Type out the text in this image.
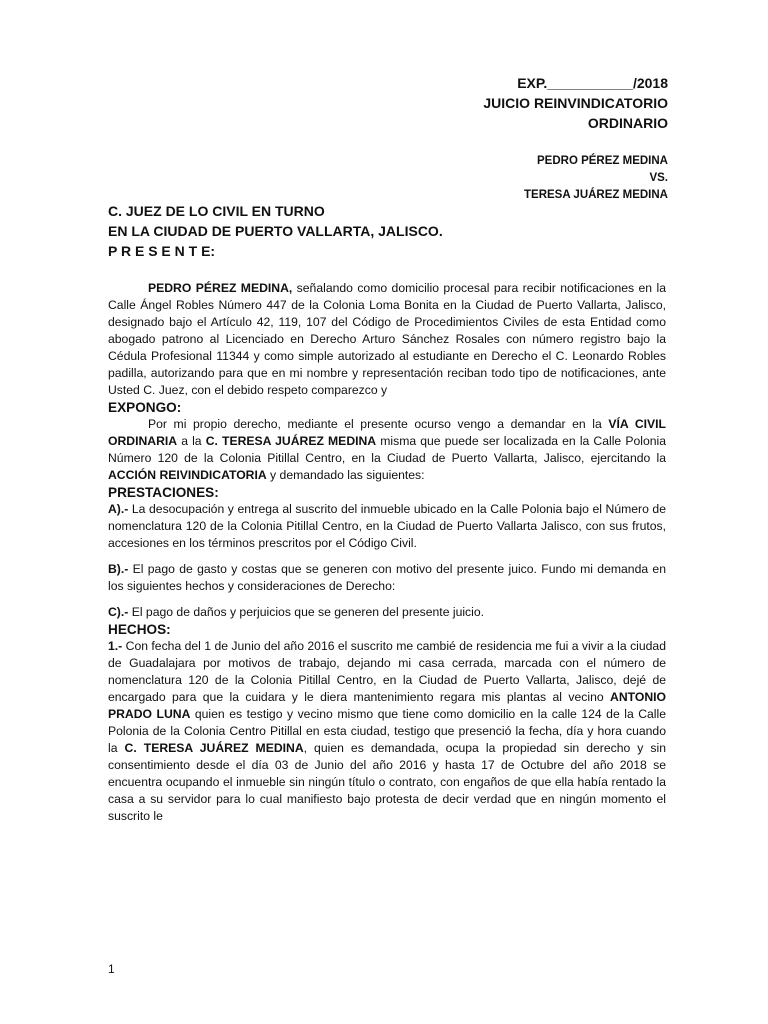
EXP.___________/2018
JUICIO REINVINDICATORIO
ORDINARIO
PEDRO PÉREZ MEDINA
VS.
TERESA JUÁREZ MEDINA
C. JUEZ DE LO CIVIL EN TURNO
EN LA CIUDAD DE PUERTO VALLARTA, JALISCO.
P R E S E N T E:

PEDRO PÉREZ MEDINA, señalando como domicilio procesal para recibir notificaciones en la Calle Ángel Robles Número 447 de la Colonia Loma Bonita en la Ciudad de Puerto Vallarta, Jalisco, designado bajo el Artículo 42, 119, 107 del Código de Procedimientos Civiles de esta Entidad como abogado patrono al Licenciado en Derecho Arturo Sánchez Rosales con número registro bajo la Cédula Profesional 11344 y como simple autorizado al estudiante en Derecho el C. Leonardo Robles padilla, autorizando para que en mi nombre y representación reciban todo tipo de notificaciones, ante Usted C. Juez, con el debido respeto comparezco y

EXPONGO:

Por mi propio derecho, mediante el presente ocurso vengo a demandar en la VÍA CIVIL ORDINARIA a la C. TERESA JUÁREZ MEDINA misma que puede ser localizada en la Calle Polonia Número 120 de la Colonia Pitillal Centro, en la Ciudad de Puerto Vallarta, Jalisco, ejercitando la ACCIÓN REIVINDICATORIA y demandado las siguientes:

PRESTACIONES:

A).- La desocupación y entrega al suscrito del inmueble ubicado en la Calle Polonia bajo el Número de nomenclatura 120 de la Colonia Pitillal Centro, en la Ciudad de Puerto Vallarta Jalisco, con sus frutos, accesiones en los términos prescritos por el Código Civil.

B).- El pago de gasto y costas que se generen con motivo del presente juico. Fundo mi demanda en los siguientes hechos y consideraciones de Derecho:

C).- El pago de daños y perjuicios que se generen del presente juicio.

HECHOS:

1.- Con fecha del 1 de Junio del año 2016 el suscrito me cambié de residencia me fui a vivir a la ciudad de Guadalajara por motivos de trabajo, dejando mi casa cerrada, marcada con el número de nomenclatura 120 de la Colonia Pitillal Centro, en la Ciudad de Puerto Vallarta, Jalisco, dejé de encargado para que la cuidara y le diera mantenimiento regara mis plantas al vecino ANTONIO PRADO LUNA quien es testigo y vecino mismo que tiene como domicilio en la calle 124 de la Calle Polonia de la Colonia Centro Pitillal en esta ciudad, testigo que presenció la fecha, día y hora cuando la C. TERESA JUÁREZ MEDINA, quien es demandada, ocupa la propiedad sin derecho y sin consentimiento desde el día 03 de Junio del año 2016 y hasta 17 de Octubre del año 2018 se encuentra ocupando el inmueble sin ningún título o contrato, con engaños de que ella había rentado la casa a su servidor para lo cual manifiesto bajo protesta de decir verdad que en ningún momento el suscrito le

1
